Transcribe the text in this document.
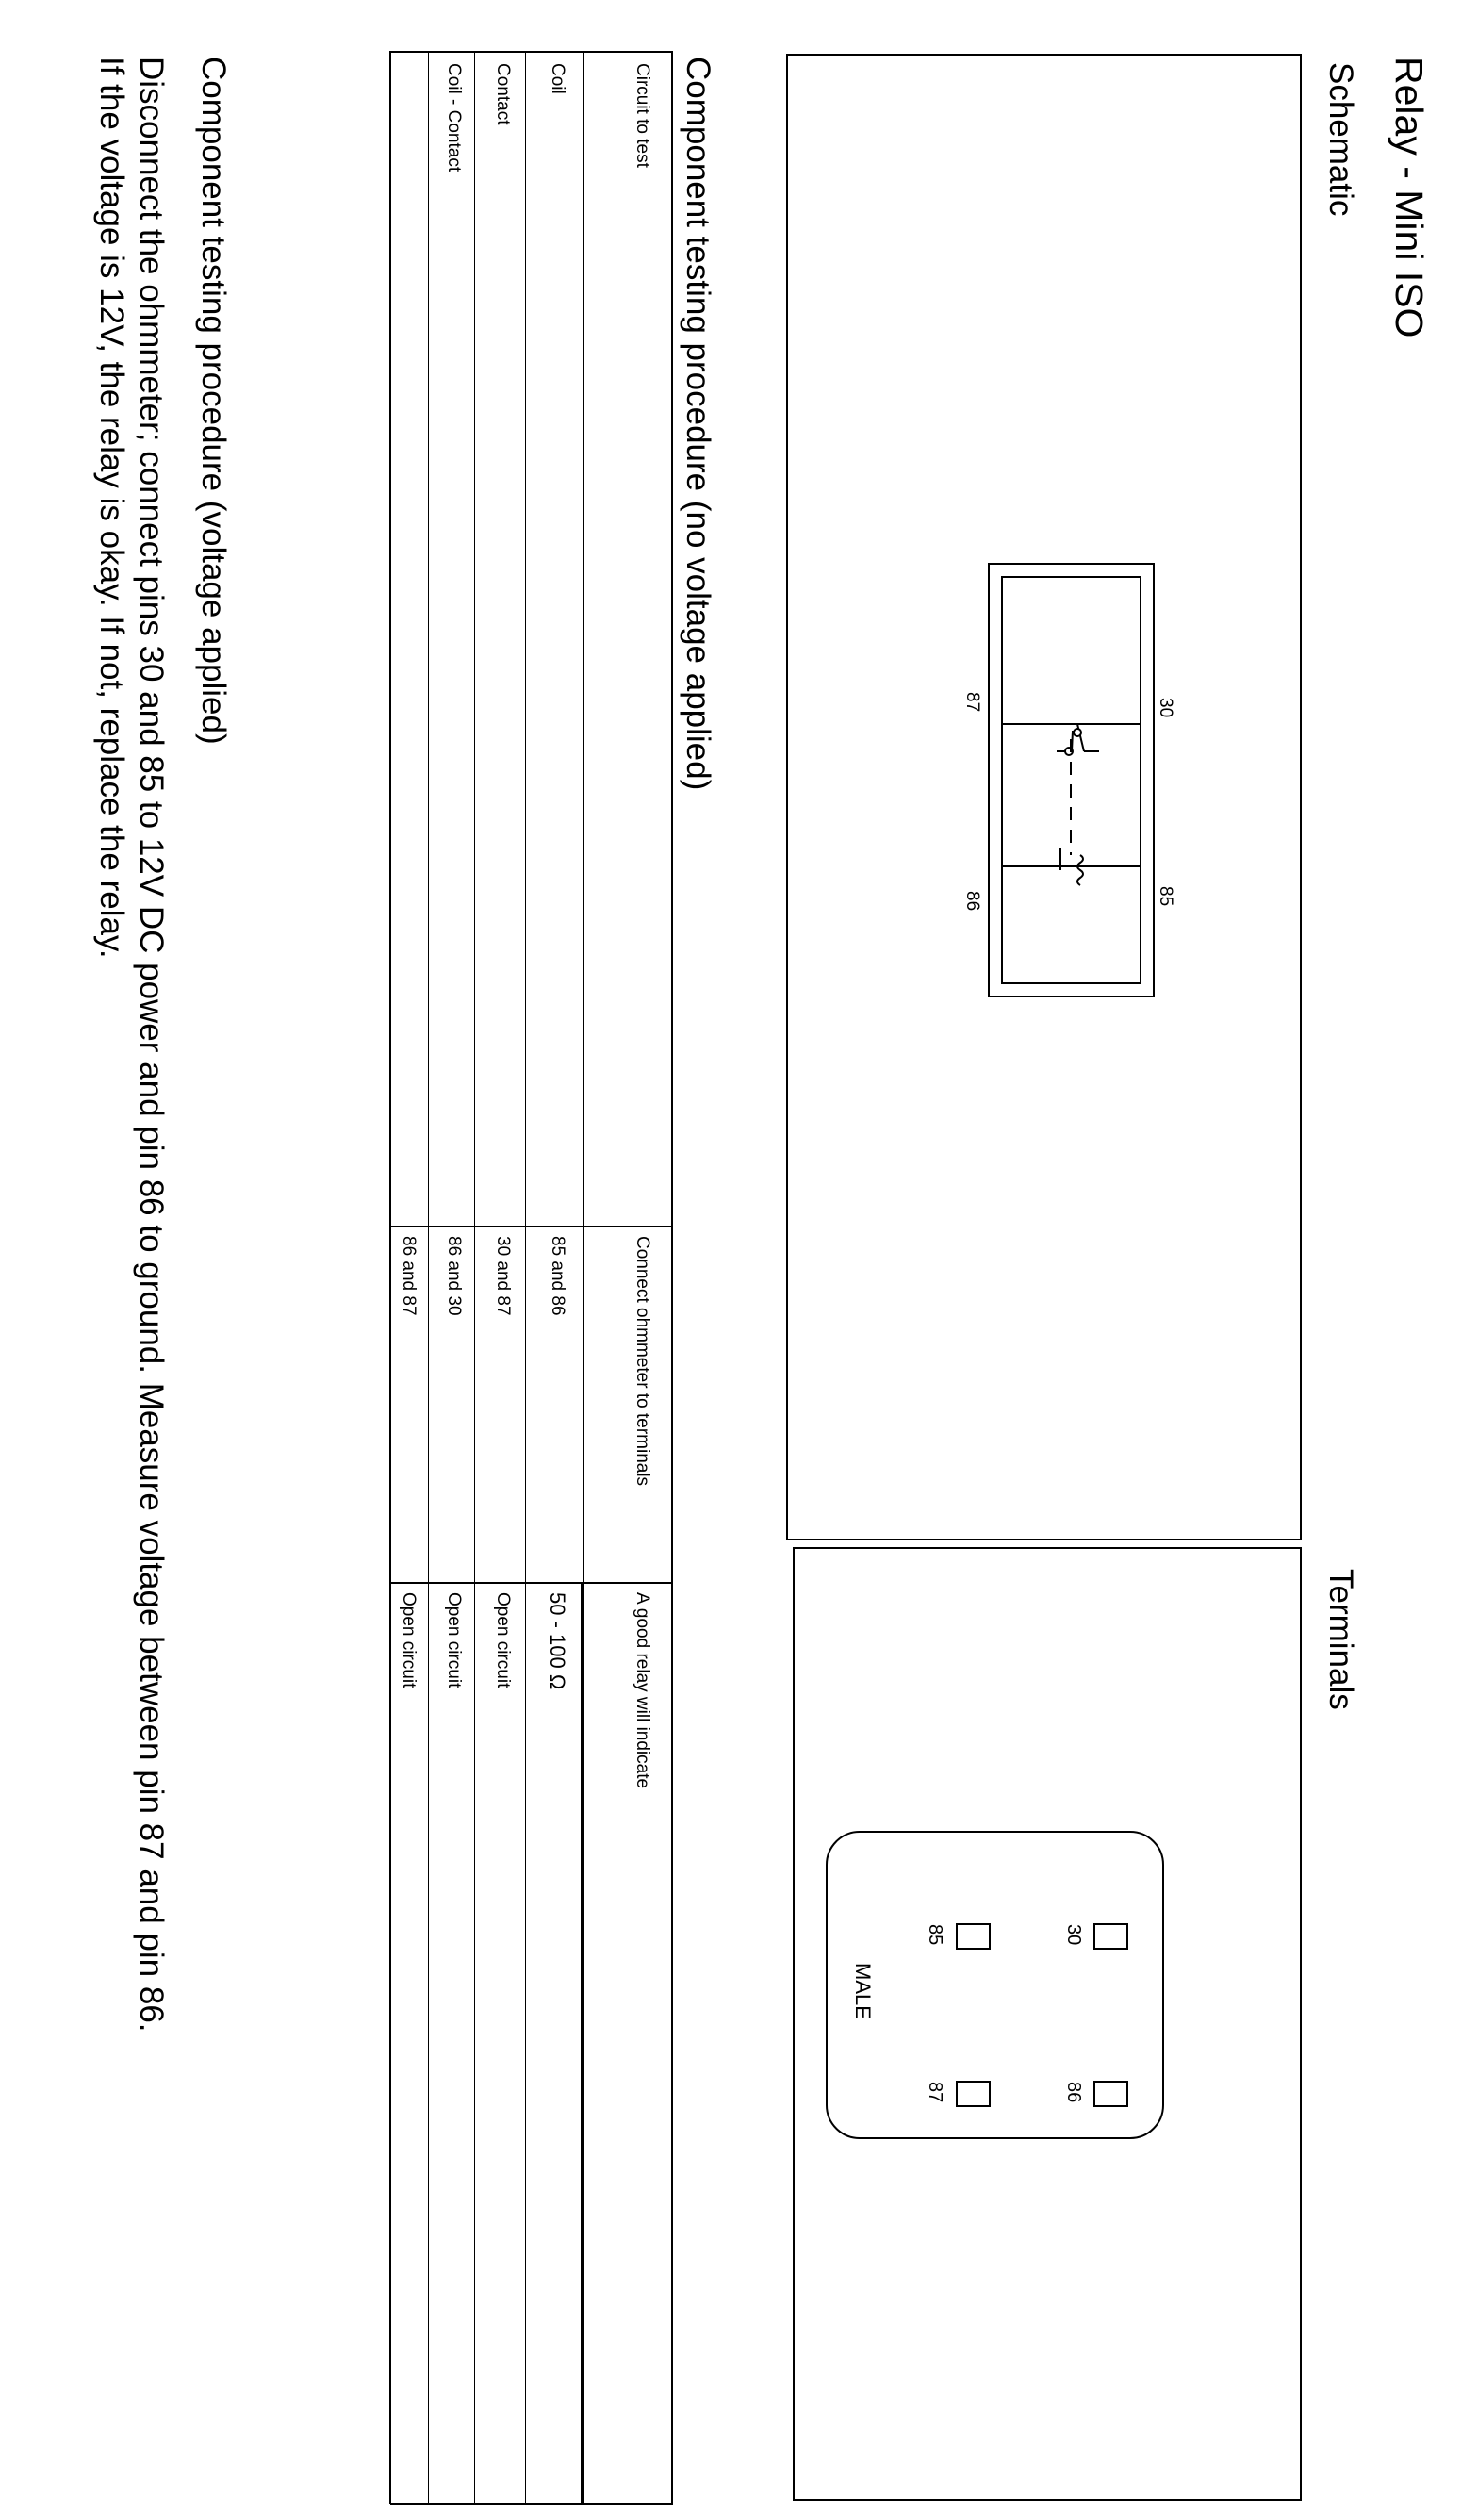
Relay - Mini ISO
Schematic
30
85
87
86
Terminals
30
86
85
87
MALE
Component testing procedure (no voltage applied)
Circuit to test
Connect ohmmeter to terminals
A good relay will indicate
Coil
85 and 86
50 - 100 Ω
Contact
30 and 87
Open circuit
Coil - Contact
86 and 30
Open circuit
86 and 87
Open circuit
Component testing procedure (voltage applied)
Disconnect the ohmmeter; connect pins 30 and 85 to 12V DC power and pin 86 to ground. Measure voltage between pin 87 and pin 86.
If the voltage is 12V, the relay is okay. If not, replace the relay.
